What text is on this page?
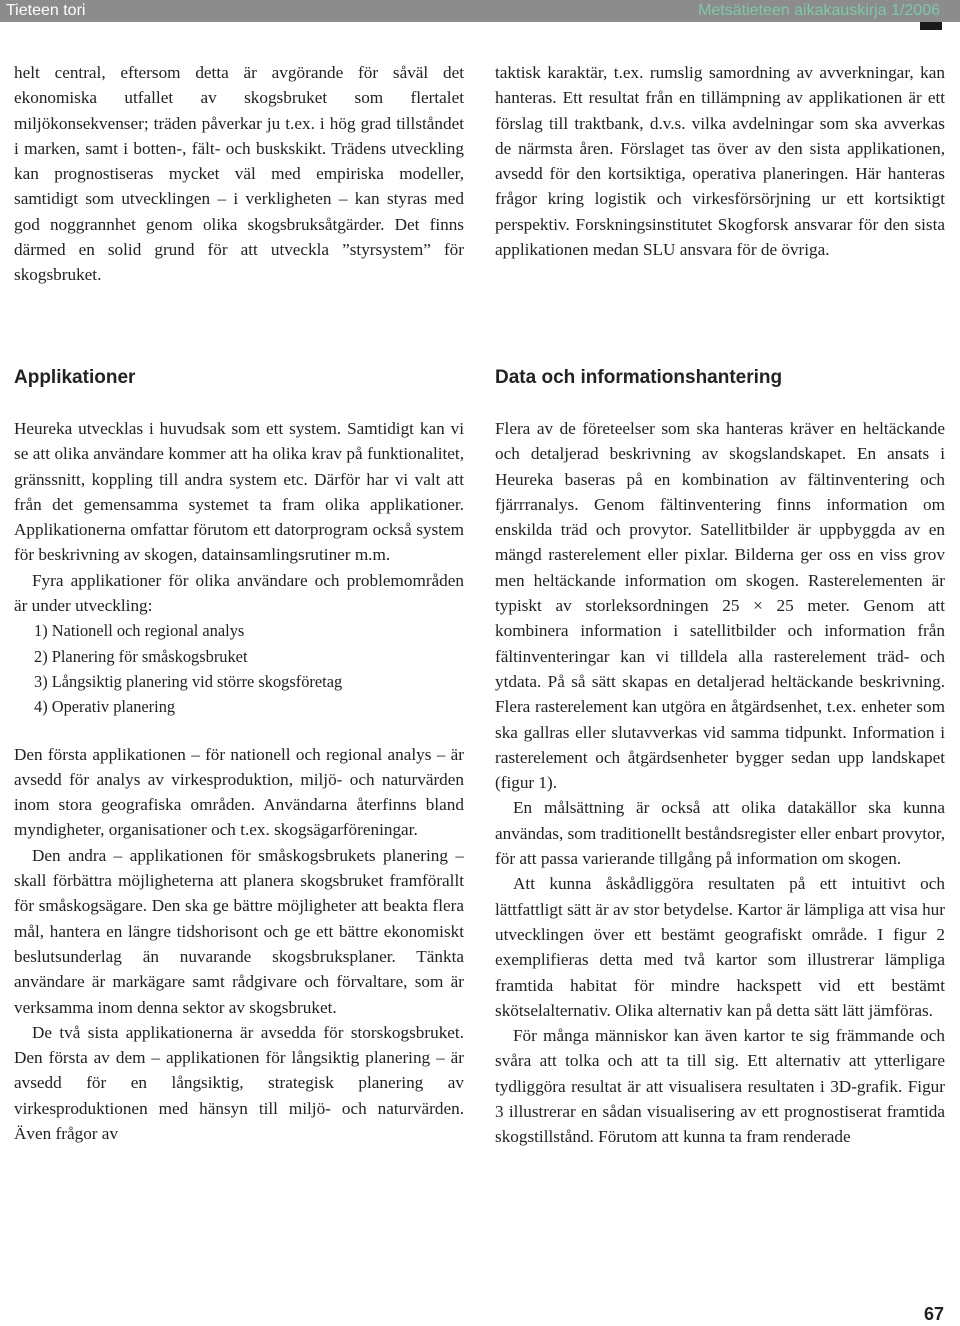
Tieteen tori	Metsätieteen aikakauskirja 1/2006

helt central, eftersom detta är avgörande för såväl det ekonomiska utfallet av skogsbruket som flertalet miljökonsekvenser; träden påverkar ju t.ex. i hög grad tillståndet i marken, samt i botten-, fält- och buskskikt. Trädens utveckling kan prognostiseras mycket väl med empiriska modeller, samtidigt som utvecklingen – i verkligheten – kan styras med god noggrannhet genom olika skogsbruksåtgärder. Det finns därmed en solid grund för att utveckla ”styrsystem” för skogsbruket.

taktisk karaktär, t.ex. rumslig samordning av avverkningar, kan hanteras. Ett resultat från en tillämpning av applikationen är ett förslag till traktbank, d.v.s. vilka avdelningar som ska avverkas de närmsta åren. Förslaget tas över av den sista applikationen, avsedd för den kortsiktiga, operativa planeringen. Här hanteras frågor kring logistik och virkesförsörjning ur ett kortsiktigt perspektiv. Forskningsinstitutet Skogforsk ansvarar för den sista applikationen medan SLU ansvara för de övriga.

Applikationer	Data och informationshantering

Heureka utvecklas i huvudsak som ett system. Samtidigt kan vi se att olika användare kommer att ha olika krav på funktionalitet, gränssnitt, koppling till andra system etc. Därför har vi valt att från det gemensamma systemet ta fram olika applikationer. Applikationerna omfattar förutom ett datorprogram också system för beskrivning av skogen, datainsamlingsrutiner m.m.

Fyra applikationer för olika användare och problemområden är under utveckling:

1) Nationell och regional analys
2) Planering för småskogsbruket
3) Långsiktig planering vid större skogsföretag
4) Operativ planering

Den första applikationen – för nationell och regional analys – är avsedd för analys av virkesproduktion, miljö- och naturvärden inom stora geografiska områden. Användarna återfinns bland myndigheter, organisationer och t.ex. skogsägarföreningar.

Den andra – applikationen för småskogsbrukets planering – skall förbättra möjligheterna att planera skogsbruket framförallt för småskogsägare. Den ska ge bättre möjligheter att beakta flera mål, hantera en längre tidshorisont och ge ett bättre ekonomiskt beslutsunderlag än nuvarande skogsbruksplaner. Tänkta användare är markägare samt rådgivare och förvaltare, som är verksamma inom denna sektor av skogsbruket.

De två sista applikationerna är avsedda för storskogsbruket. Den första av dem – applikationen för långsiktig planering – är avsedd för en långsiktig, strategisk planering av virkesproduktionen med hänsyn till miljö- och naturvärden. Även frågor av

Flera av de företeelser som ska hanteras kräver en heltäckande och detaljerad beskrivning av skogslandskapet. En ansats i Heureka baseras på en kombination av fältinventering och fjärrranalys. Genom fältinventering finns information om enskilda träd och provytor. Satellitbilder är uppbyggda av en mängd rasterelement eller pixlar. Bilderna ger oss en viss grov men heltäckande information om skogen. Rasterelementen är typiskt av storleksordningen 25 × 25 meter. Genom att kombinera information i satellitbilder och information från fältinventeringar kan vi tilldela alla rasterelement träd- och ytdata. På så sätt skapas en detaljerad heltäckande beskrivning. Flera rasterelement kan utgöra en åtgärdsenhet, t.ex. enheter som ska gallras eller slutavverkas vid samma tidpunkt. Information i rasterelement och åtgärdsenheter bygger sedan upp landskapet (figur 1).

En målsättning är också att olika datakällor ska kunna användas, som traditionellt beståndsregister eller enbart provytor, för att passa varierande tillgång på information om skogen.

Att kunna åskådliggöra resultaten på ett intuitivt och lättfattligt sätt är av stor betydelse. Kartor är lämpliga att visa hur utvecklingen över ett bestämt geografiskt område. I figur 2 exemplifieras detta med två kartor som illustrerar lämpliga framtida habitat för mindre hackspett vid ett bestämt skötselalternativ. Olika alternativ kan på detta sätt lätt jämföras.

För många människor kan även kartor te sig främmande och svåra att tolka och att ta till sig. Ett alternativ att ytterligare tydliggöra resultat är att visualisera resultaten i 3D-grafik. Figur 3 illustrerar en sådan visualisering av ett prognostiserat framtida skogstillstånd. Förutom att kunna ta fram renderade

67
